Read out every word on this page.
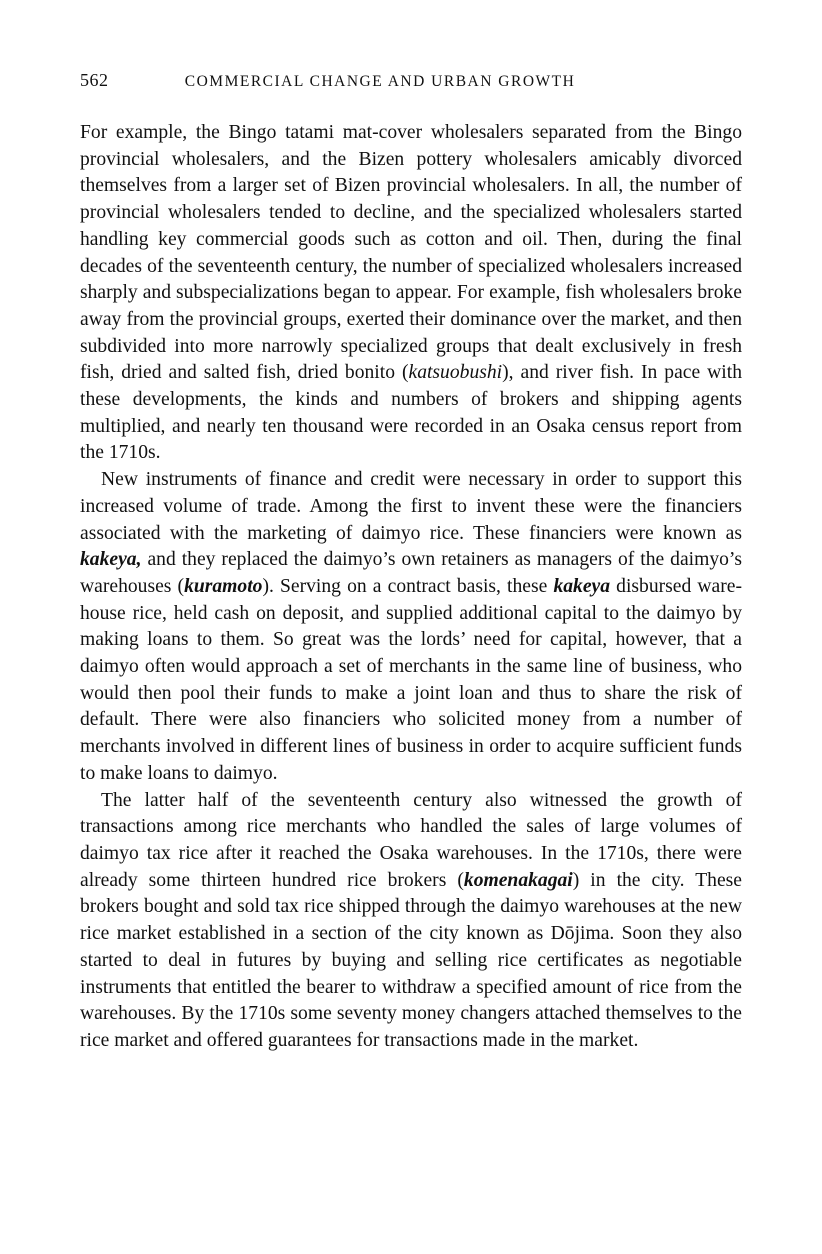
562	COMMERCIAL CHANGE AND URBAN GROWTH

For example, the Bingo tatami mat-cover wholesalers separated from the Bingo provincial wholesalers, and the Bizen pottery wholesalers amicably divorced themselves from a larger set of Bizen provincial wholesalers. In all, the number of provincial wholesalers tended to decline, and the specialized wholesalers started handling key commercial goods such as cotton and oil. Then, during the final decades of the seventeenth century, the number of specialized wholesalers increased sharply and subspecializations began to appear. For example, fish wholesalers broke away from the provincial groups, exerted their dominance over the market, and then subdivided into more narrowly specialized groups that dealt exclusively in fresh fish, dried and salted fish, dried bonito (katsuobushi), and river fish. In pace with these developments, the kinds and numbers of brokers and shipping agents multiplied, and nearly ten thousand were recorded in an Osaka census report from the 1710s.

New instruments of finance and credit were necessary in order to support this increased volume of trade. Among the first to invent these were the financiers associated with the marketing of daimyo rice. These financiers were known as kakeya, and they replaced the daimyo’s own retainers as managers of the daimyo’s warehouses (kuramoto). Serving on a contract basis, these kakeya disbursed warehouse rice, held cash on deposit, and supplied additional capital to the daimyo by making loans to them. So great was the lords’ need for capital, however, that a daimyo often would approach a set of merchants in the same line of business, who would then pool their funds to make a joint loan and thus to share the risk of default. There were also financiers who solicited money from a number of merchants involved in different lines of business in order to acquire sufficient funds to make loans to daimyo.

The latter half of the seventeenth century also witnessed the growth of transactions among rice merchants who handled the sales of large volumes of daimyo tax rice after it reached the Osaka warehouses. In the 1710s, there were already some thirteen hundred rice brokers (komenakagai) in the city. These brokers bought and sold tax rice shipped through the daimyo warehouses at the new rice market established in a section of the city known as Dōjima. Soon they also started to deal in futures by buying and selling rice certificates as negotiable instruments that entitled the bearer to withdraw a specified amount of rice from the warehouses. By the 1710s some seventy money changers attached themselves to the rice market and offered guarantees for transactions made in the market.
